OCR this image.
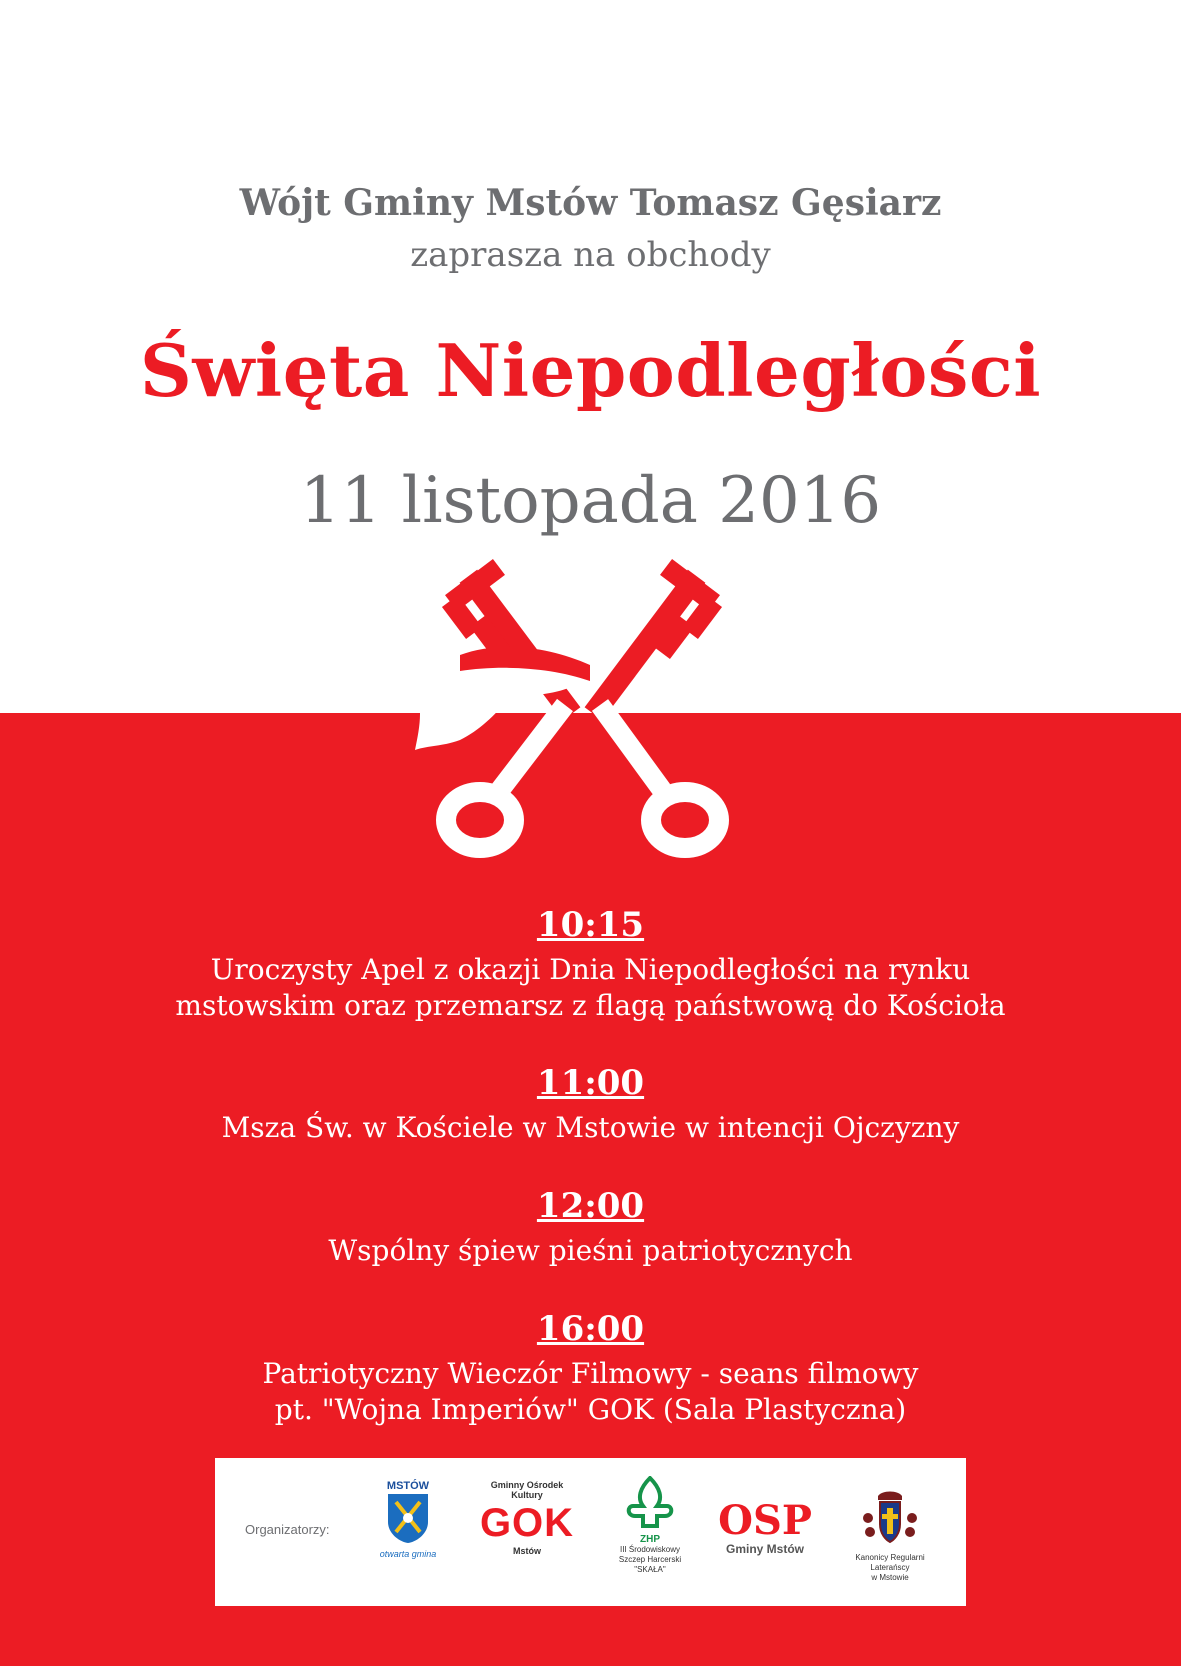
Wójt Gminy Mstów Tomasz Gęsiarz
zaprasza na obchody
Święta Niepodległości
11 listopada 2016
10:15
Uroczysty Apel z okazji Dnia Niepodległości na rynku
mstowskim oraz przemarsz z flagą państwową do Kościoła
11:00
Msza Św. w Kościele w Mstowie w intencji Ojczyzny
12:00
Wspólny śpiew pieśni patriotycznych
16:00
Patriotyczny Wieczór Filmowy - seans filmowy
pt. "Wojna Imperiów" GOK (Sala Plastyczna)
Organizatorzy:
MSTÓW
otwarta gmina
Gminny Ośrodek Kultury
GOK
Mstów
ZHP
III Środowiskowy
Szczep Harcerski
"SKAŁA"
OSP
Gminy Mstów
Kanonicy Regularni
Laterańscy
w Mstowie
